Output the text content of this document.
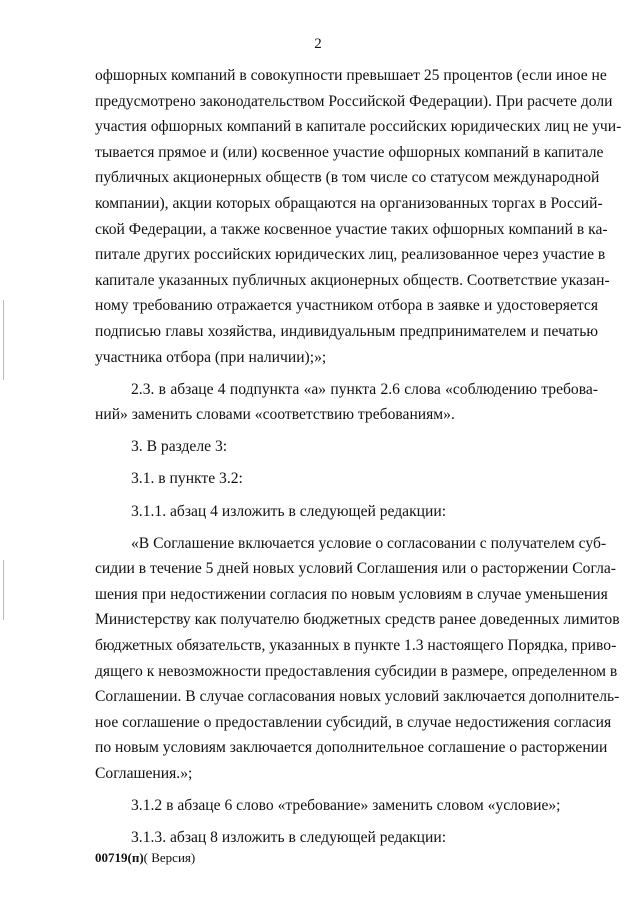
2

офшорных компаний в совокупности превышает 25 процентов (если иное не
предусмотрено законодательством Российской Федерации). При расчете доли
участия офшорных компаний в капитале российских юридических лиц не учи-
тывается прямое и (или) косвенное участие офшорных компаний в капитале
публичных акционерных обществ (в том числе со статусом международной
компании), акции которых обращаются на организованных торгах в Россий-
ской Федерации, а также косвенное участие таких офшорных компаний в ка-
питале других российских юридических лиц, реализованное через участие в
капитале указанных публичных акционерных обществ. Соответствие указан-
ному требованию отражается участником отбора в заявке и удостоверяется
подписью главы хозяйства, индивидуальным предпринимателем и печатью
участника отбора (при наличии);»;

2.3. в абзаце 4 подпункта «а» пункта 2.6 слова «соблюдению требова-
ний» заменить словами «соответствию требованиям».

3. В разделе 3:

3.1. в пункте 3.2:

3.1.1. абзац 4 изложить в следующей редакции:

«В Соглашение включается условие о согласовании с получателем суб-
сидии в течение 5 дней новых условий Соглашения или о расторжении Согла-
шения при недостижении согласия по новым условиям в случае уменьшения
Министерству как получателю бюджетных средств ранее доведенных лимитов
бюджетных обязательств, указанных в пункте 1.3 настоящего Порядка, приво-
дящего к невозможности предоставления субсидии в размере, определенном в
Соглашении. В случае согласования новых условий заключается дополнитель-
ное соглашение о предоставлении субсидий, в случае недостижения согласия
по новым условиям заключается дополнительное соглашение о расторжении
Соглашения.»;

3.1.2 в абзаце 6 слово «требование» заменить словом «условие»;

3.1.3. абзац 8 изложить в следующей редакции:

00719(п)( Версия)
